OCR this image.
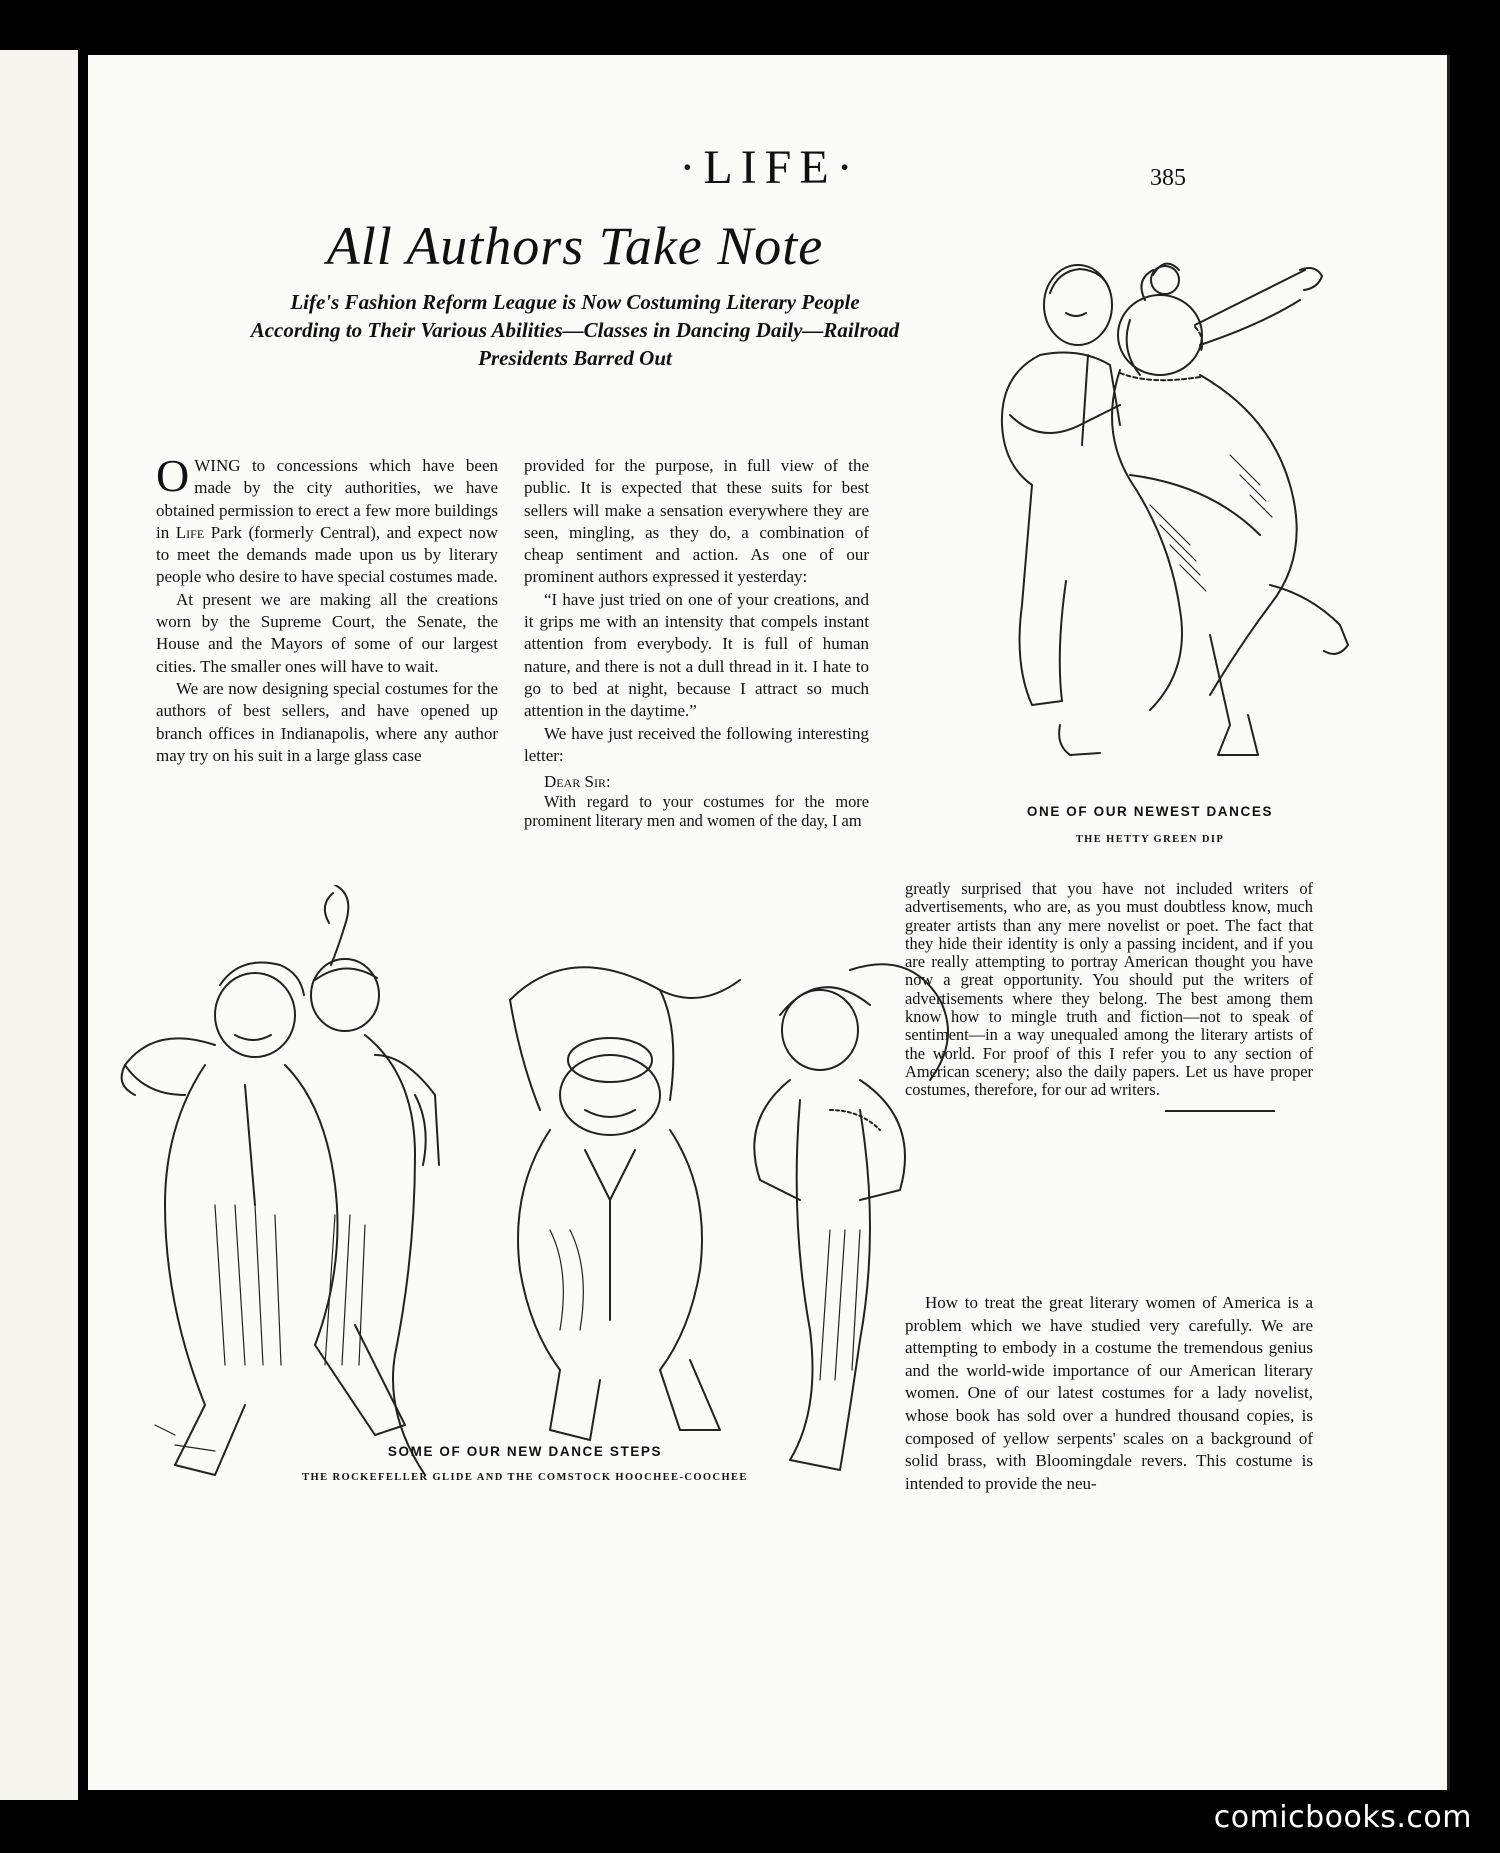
·LIFE·	385
All Authors Take Note
Life's Fashion Reform League is Now Costuming Literary People According to Their Various Abilities—Classes in Dancing Daily—Railroad Presidents Barred Out

OWING to concessions which have been made by the city authorities, we have obtained permission to erect a few more buildings in Life Park (formerly Central), and expect now to meet the demands made upon us by literary people who desire to have special costumes made.

At present we are making all the creations worn by the Supreme Court, the Senate, the House and the Mayors of some of our largest cities. The smaller ones will have to wait.

We are now designing special costumes for the authors of best sellers, and have opened up branch offices in Indianapolis, where any author may try on his suit in a large glass case

provided for the purpose, in full view of the public. It is expected that these suits for best sellers will make a sensation everywhere they are seen, mingling, as they do, a combination of cheap sentiment and action. As one of our prominent authors expressed it yesterday:

“I have just tried on one of your creations, and it grips me with an intensity that compels instant attention from everybody. It is full of human nature, and there is not a dull thread in it. I hate to go to bed at night, because I attract so much attention in the daytime.”

We have just received the following interesting letter:

Dear Sir:

With regard to your costumes for the more prominent literary men and women of the day, I am

greatly surprised that you have not included writers of advertisements, who are, as you must doubtless know, much greater artists than any mere novelist or poet. The fact that they hide their identity is only a passing incident, and if you are really attempting to portray American thought you have now a great opportunity. You should put the writers of advertisements where they belong. The best among them know how to mingle truth and fiction—not to speak of sentiment—in a way unequaled among the literary artists of the world. For proof of this I refer you to any section of American scenery; also the daily papers. Let us have proper costumes, therefore, for our ad writers.

How to treat the great literary women of America is a problem which we have studied very carefully. We are attempting to embody in a costume the tremendous genius and the world-wide importance of our American literary women. One of our latest costumes for a lady novelist, whose book has sold over a hundred thousand copies, is composed of yellow serpents' scales on a background of solid brass, with Bloomingdale revers. This costume is intended to provide the neu-

ONE OF OUR NEWEST DANCES
THE HETTY GREEN DIP
SOME OF OUR NEW DANCE STEPS
THE ROCKEFELLER GLIDE AND THE COMSTOCK HOOCHEE-COOCHEE
comicbooks.com
